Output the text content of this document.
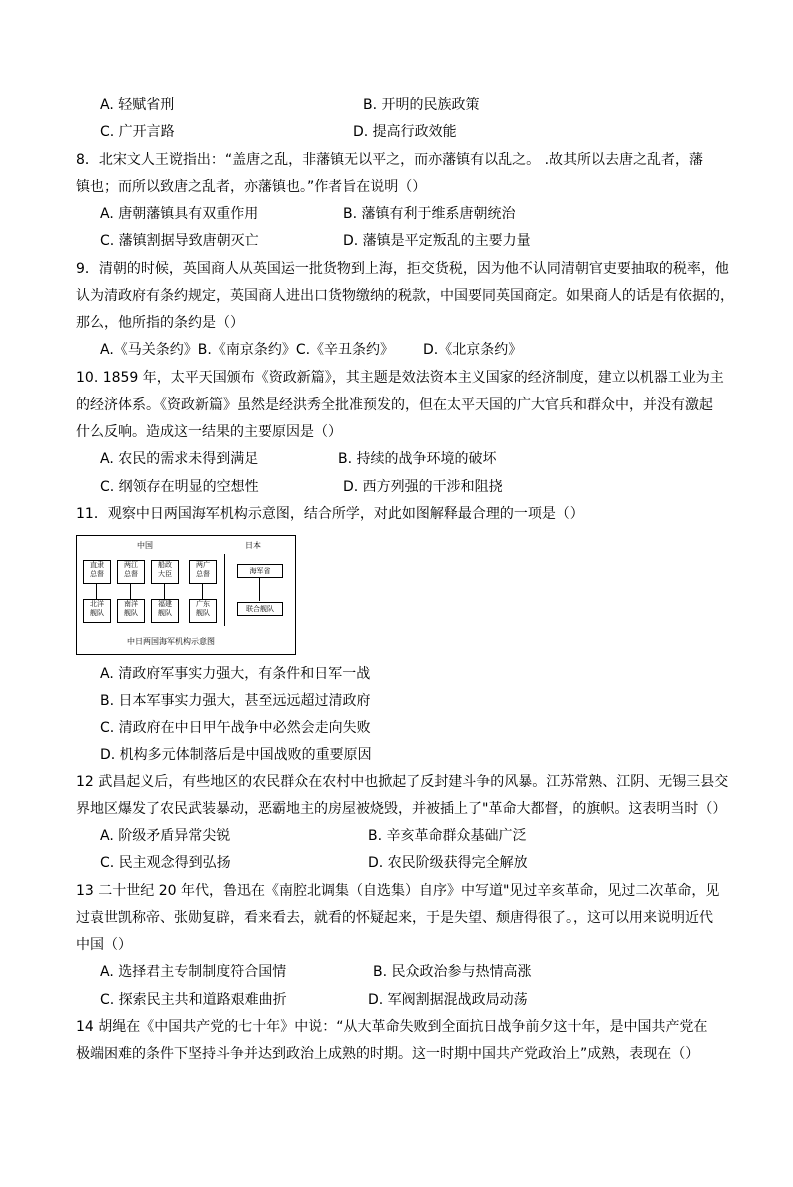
A. 轻赋省刑	B. 开明的民族政策
C. 广开言路	D. 提高行政效能
8．北宋文人王谠指出：“盖唐之乱，非藩镇无以平之，而亦藩镇有以乱之。 .故其所以去唐之乱者，藩
镇也；而所以致唐之乱者，亦藩镇也。”作者旨在说明（）
A. 唐朝藩镇具有双重作用	B. 藩镇有利于维系唐朝统治
C. 藩镇割据导致唐朝灭亡	D. 藩镇是平定叛乱的主要力量
9．清朝的时候，英国商人从英国运一批货物到上海，拒交货税，因为他不认同清朝官吏要抽取的税率，他
认为清政府有条约规定，英国商人进出口货物缴纳的税款，中国要同英国商定。如果商人的话是有依据的，
那么，他所指的条约是（）
A.《马关条约》B.《南京条约》C.《辛丑条约》 D.《北京条约》
10. 1859 年，太平天国颁布《资政新篇》，其主题是效法资本主义国家的经济制度，建立以机器工业为主
的经济体系。《资政新篇》虽然是经洪秀全批准预发的，但在太平天国的广大官兵和群众中，并没有激起
什么反响。造成这一结果的主要原因是（）
A. 农民的需求未得到满足	B. 持续的战争环境的破坏
C. 纲领存在明显的空想性	D. 西方列强的干涉和阻挠
11．观察中日两国海军机构示意图，结合所学，对此如图解释最合理的一项是（）
中国	日本
直隶
总督
两江
总督
船政
大臣
两广
总督
北洋
舰队
南洋
舰队
福建
舰队
广东
舰队
海军省
联合舰队
中日两国海军机构示意图
A. 清政府军事实力强大，有条件和日军一战
B. 日本军事实力强大，甚至远远超过清政府
C. 清政府在中日甲午战争中必然会走向失败
D. 机构多元体制落后是中国战败的重要原因
12 武昌起义后，有些地区的农民群众在农村中也掀起了反封建斗争的风暴。江苏常熟、江阴、无锡三县交
界地区爆发了农民武装暴动，恶霸地主的房屋被烧毁，并被插上了"革命大都督，的旗帜。这表明当时（）
A. 阶级矛盾异常尖锐	B. 辛亥革命群众基础广泛
C. 民主观念得到弘扬	D. 农民阶级获得完全解放
13 二十世纪 20 年代，鲁迅在《南腔北调集（自选集）自序》中写道"见过辛亥革命，见过二次革命，见
过袁世凯称帝、张勋复辟，看来看去，就看的怀疑起来，于是失望、颓唐得很了。，这可以用来说明近代
中国（）
A. 选择君主专制制度符合国情	B. 民众政治参与热情高涨
C. 探索民主共和道路艰难曲折	D. 军阀割据混战政局动荡
14 胡绳在《中国共产党的七十年》中说：“从大革命失败到全面抗日战争前夕这十年，是中国共产党在
极端困难的条件下坚持斗争并达到政治上成熟的时期。这一时期中国共产党政治上”成熟，表现在（）
